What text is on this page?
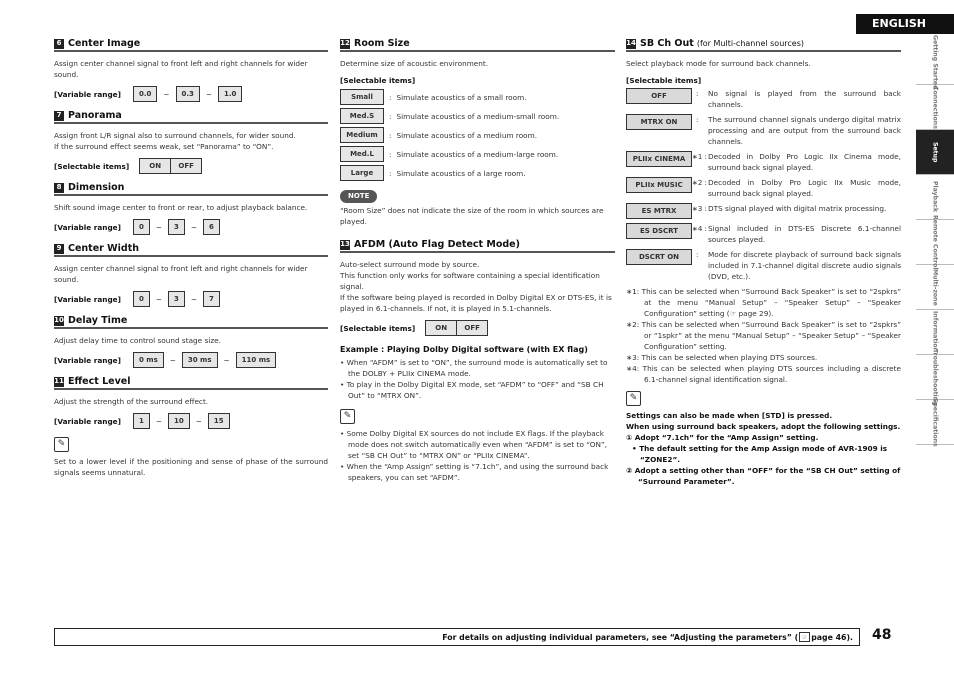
6 Center Image
Assign center channel signal to front left and right channels for wider sound.
[Variable range]	0.0	~	0.3	~	1.0
7 Panorama
Assign front L/R signal also to surround channels, for wider sound.
If the surround effect seems weak, set “Panorama” to “ON”.
[Selectable items]	ON	OFF
8 Dimension
Shift sound image center to front or rear, to adjust playback balance.
[Variable range]	0	~	3	~	6
9 Center Width
Assign center channel signal to front left and right channels for wider sound.
[Variable range]	0	~	3	~	7
10 Delay Time
Adjust delay time to control sound stage size.
[Variable range]	0 ms	~	30 ms	~	110 ms
11 Effect Level
Adjust the strength of the surround effect.
[Variable range]	1	~	10	~	15
✎
Set to a lower level if the positioning and sense of phase of the surround signals seems unnatural.
12 Room Size
Determine size of acoustic environment.
[Selectable items]
Small	: Simulate acoustics of a small room.
Med.S	: Simulate acoustics of a medium-small room.
Medium	: Simulate acoustics of a medium room.
Med.L	: Simulate acoustics of a medium-large room.
Large	: Simulate acoustics of a large room.
NOTE
“Room Size” does not indicate the size of the room in which sources are played.
13 AFDM (Auto Flag Detect Mode)
Auto-select surround mode by source.
This function only works for software containing a special identification signal.
If the software being played is recorded in Dolby Digital EX or DTS-ES, it is played in 6.1-channels. If not, it is played in 5.1-channels.
[Selectable items]	ON	OFF
Example : Playing Dolby Digital software (with EX flag)
• When “AFDM” is set to “ON”, the surround mode is automatically set to the DOLBY + PLIIx CINEMA mode.
• To play in the Dolby Digital EX mode, set “AFDM” to “OFF” and “SB CH Out” to “MTRX ON”.
✎
• Some Dolby Digital EX sources do not include EX flags. If the playback mode does not switch automatically even when “AFDM” is set to “ON”, set “SB CH Out” to “MTRX ON” or “PLIIx CINEMA”.
• When the “Amp Assign” setting is “7.1ch”, and using the surround back speakers, you can set “AFDM”.
14 SB Ch Out (for Multi-channel sources)
Select playback mode for surround back channels.
[Selectable items]
OFF	:	No signal is played from the surround back channels.
MTRX ON	:	The surround channel signals undergo digital matrix processing and are output from the surround back channels.
PLIIx CINEMA ∗1 : Decoded in Dolby Pro Logic IIx Cinema mode, surround back signal played.
PLIIx MUSIC	∗2 : Decoded in Dolby Pro Logic IIx Music mode, surround back signal played.
ES MTRX	∗3 : DTS signal played with digital matrix processing.
ES DSCRT	∗4 : Signal included in DTS-ES Discrete 6.1-channel sources played.
DSCRT ON	:	Mode for discrete playback of surround back signals included in 7.1-channel digital discrete audio signals (DVD, etc.).
∗1: This can be selected when “Surround Back Speaker” is set to “2spkrs” at the menu “Manual Setup” – “Speaker Setup” – “Speaker Configuration” setting (☞ page 29).
∗2: This can be selected when “Surround Back Speaker” is set to “2spkrs” or “1spkr” at the menu “Manual Setup” – “Speaker Setup” – “Speaker Configuration” setting.
∗3: This can be selected when playing DTS sources.
∗4: This can be selected when playing DTS sources including a discrete 6.1-channel signal identification signal.
✎
Settings can also be made when [STD] is pressed.
When using surround back speakers, adopt the following settings.
① Adopt “7.1ch” for the “Amp Assign” setting.
• The default setting for the Amp Assign mode of AVR-1909 is “ZONE2”.
② Adopt a setting other than “OFF” for the “SB CH Out” setting of “Surround Parameter”.
ENGLISH
Getting Started
Connections
Setup
Playback
Remote Control
Multi-zone
Information
Troubleshooting
Specifications
For details on adjusting individual parameters, see “Adjusting the parameters” ( ☞ page 46 ). 48
